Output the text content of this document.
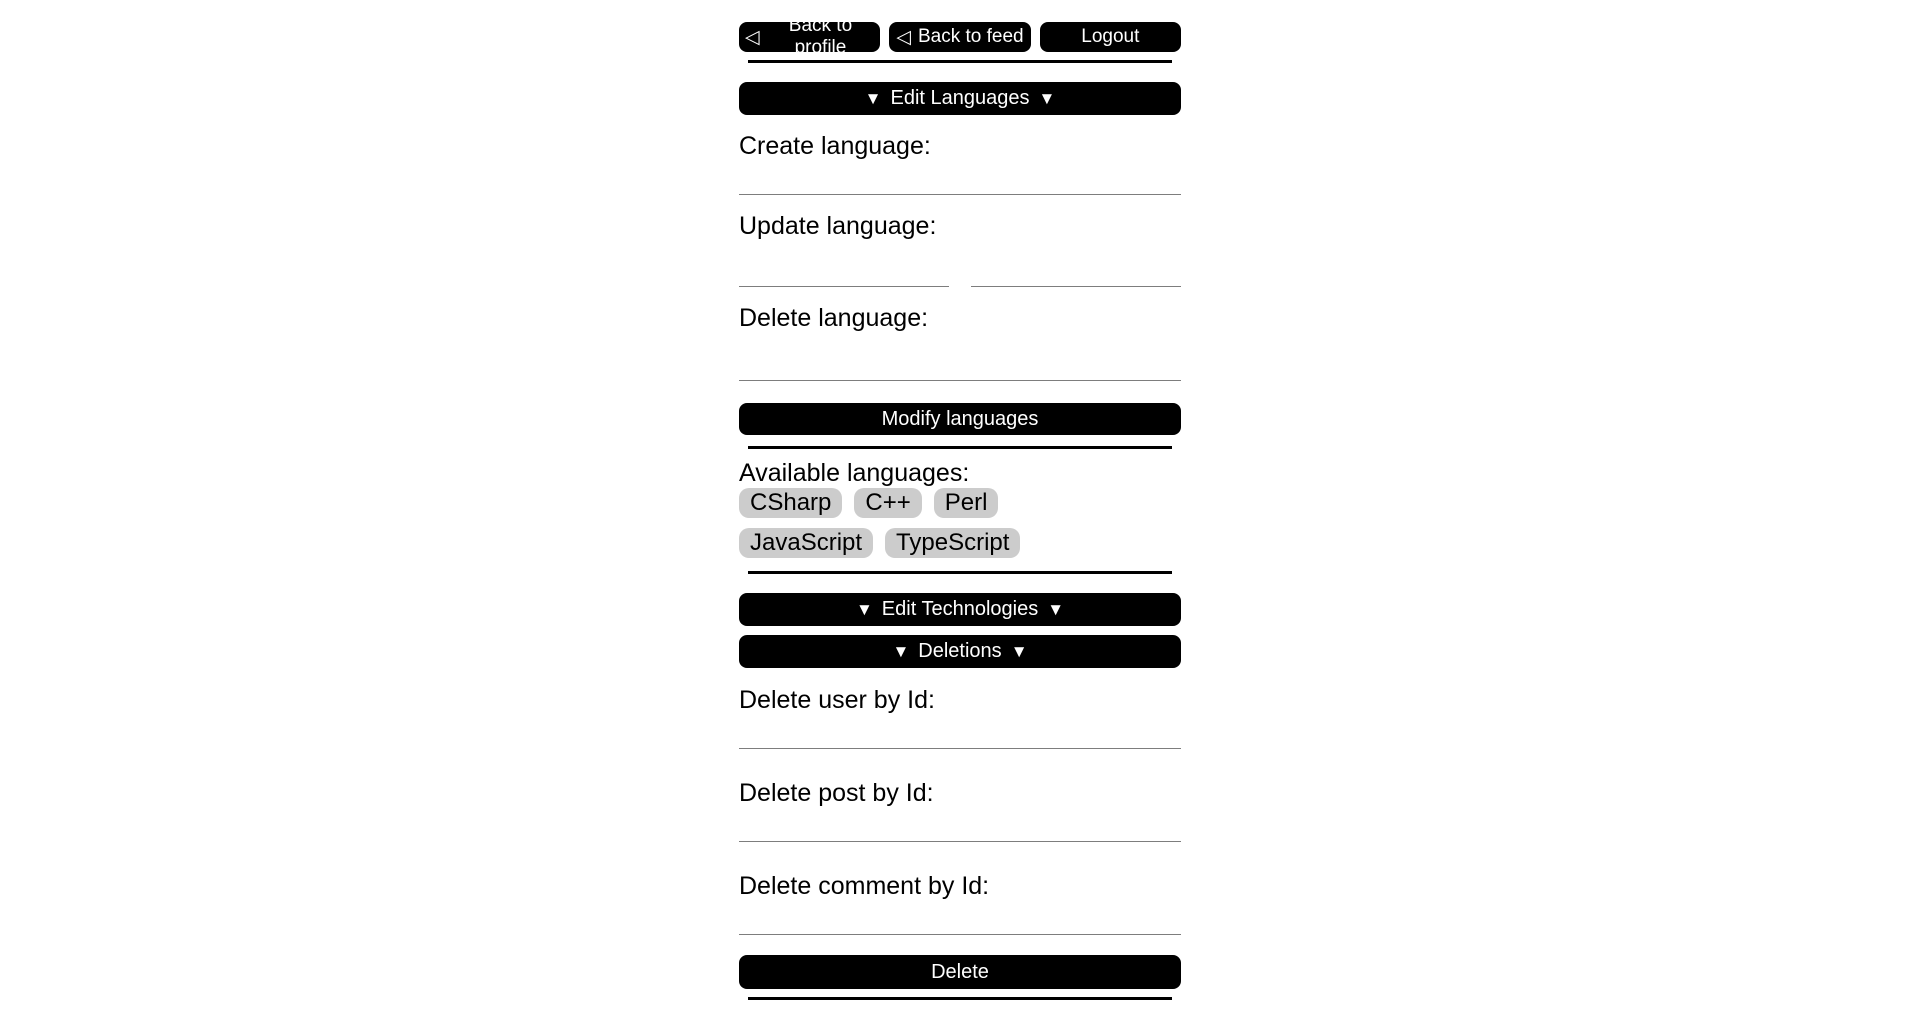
◁
Back to profile	◁ Back to feed	Logout
▼ Edit Languages ▼
Create language:
Update language:
Delete language:
Modify languages
Available languages:
CSharp	C++	Perl
JavaScript	TypeScript
▼ Edit Technologies ▼

▼ Deletions ▼
Delete user by Id:
Delete post by Id:
Delete comment by Id:
Delete
